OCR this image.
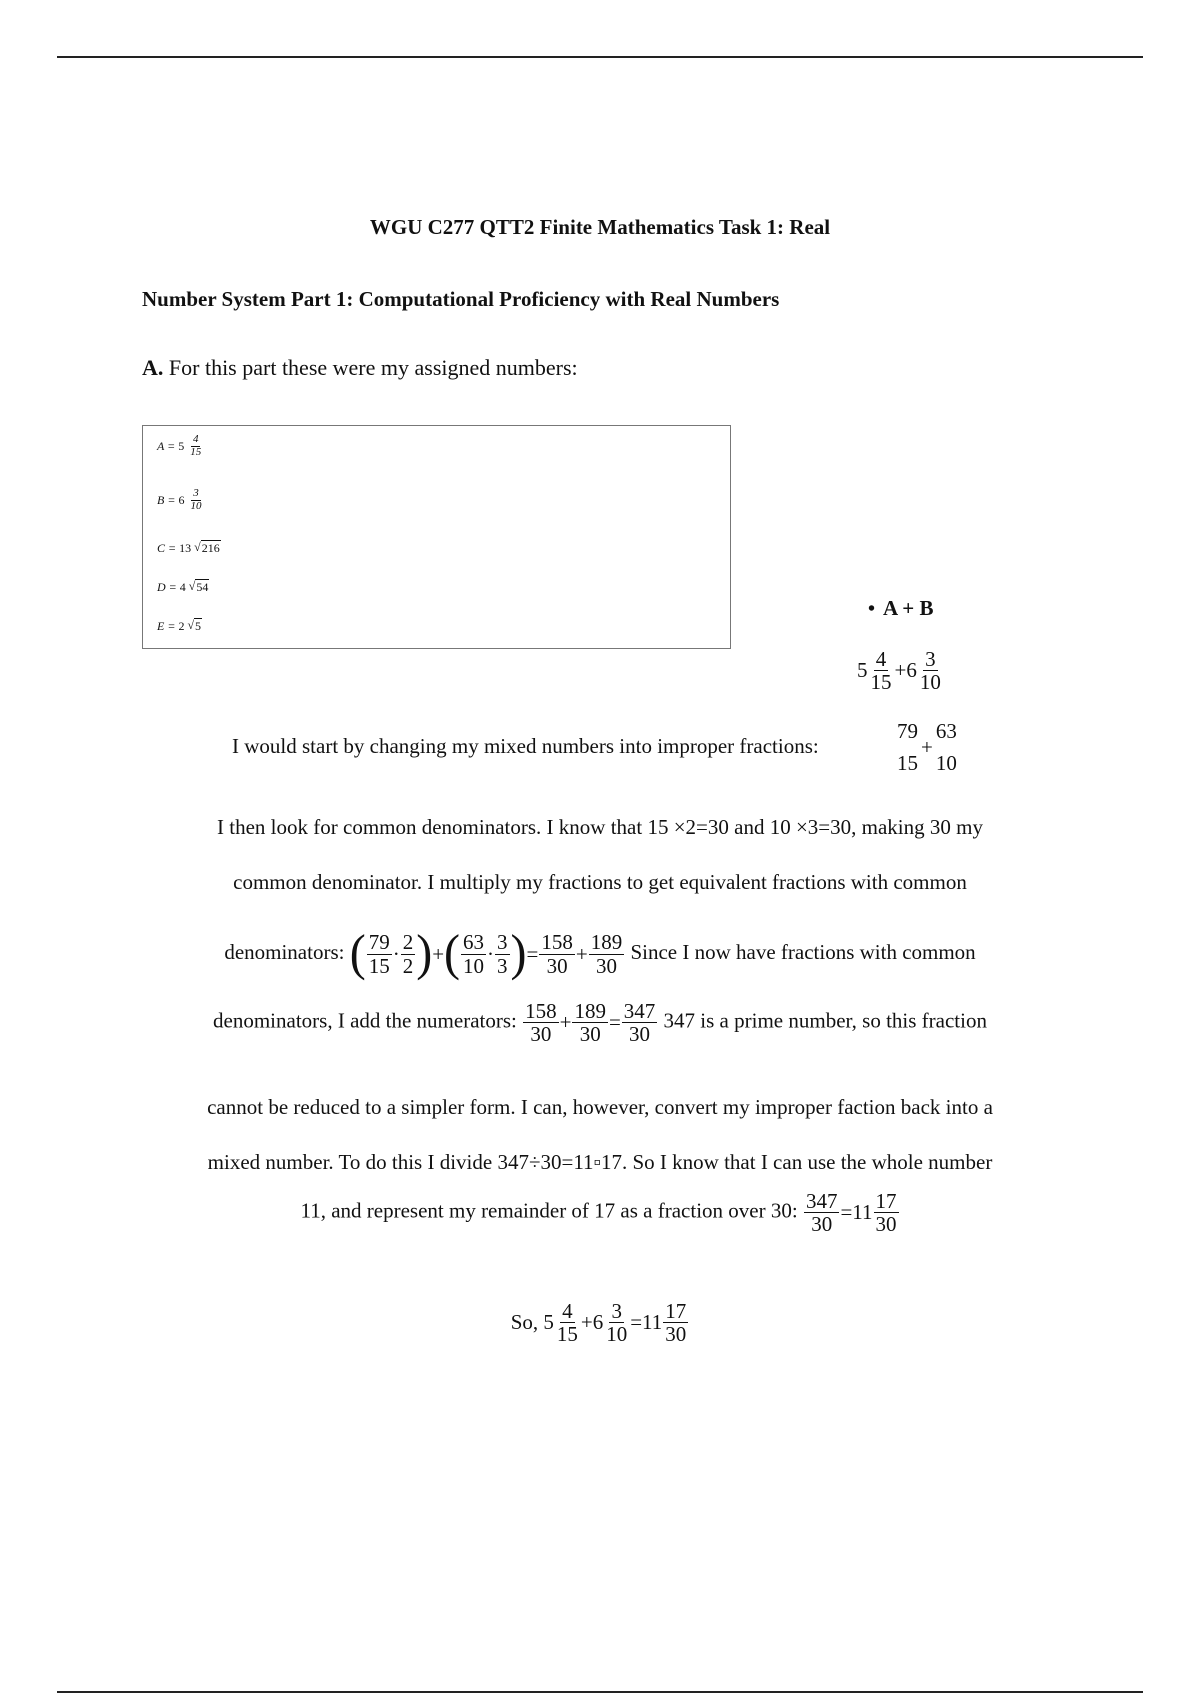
WGU C277 QTT2 Finite Mathematics Task 1: Real
Number System Part 1: Computational Proficiency with Real Numbers
A. For this part these were my assigned numbers:
$A = 5 \frac{4}{15}$
$B = 6 \frac{3}{10}$
C = 13 √ 216
D = 4 √ 54
E = 2 √ 5
• A + B
$5 \frac{4}{15} + 6 \frac{3}{10}$
I would start by changing my mixed numbers into improper fractions:
79
15
+
63
10
I then look for common denominators. I know that 15 ×2=30 and 10 ×3=30, making 30 my
common denominator. I multiply my fractions to get equivalent fractions with common
denominators: ( $\frac{79}{15} \cdot \frac{2}{2}$ ) + ( $\frac{63}{10} \cdot \frac{3}{3}$ ) = $\frac{158}{30} + \frac{189}{30}$ Since I now have fractions with common
denominators, I add the numerators: $\frac{158}{30} + \frac{189}{30} = \frac{347}{30} 347$ is a prime number, so this fraction
cannot be reduced to a simpler form. I can, however, convert my improper faction back into a
mixed number. To do this I divide 347÷30=11▫17. So I know that I can use the whole number
11, and represent my remainder of 17 as a fraction over 30: $\frac{347}{30} =11 \frac{17}{30}$
So,
$5 \frac{4}{15} +6 \frac{3}{10} =11 \frac{17}{30}$
